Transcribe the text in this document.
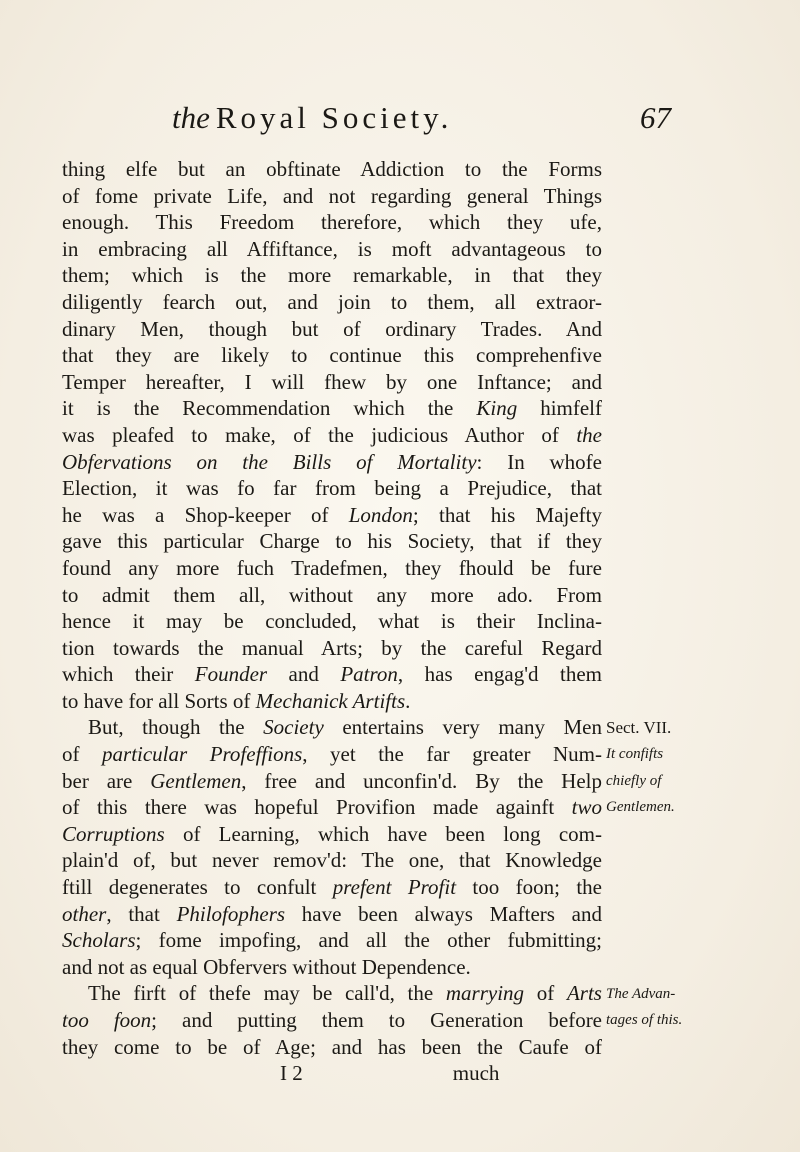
the Royal Society.	67
thing elfe but an obftinate Addiction to the Forms
of fome private Life, and not regarding general Things
enough. This Freedom therefore, which they ufe,
in embracing all Affiftance, is moft advantageous to
them; which is the more remarkable, in that they
diligently fearch out, and join to them, all extraor-
dinary Men, though but of ordinary Trades. And
that they are likely to continue this comprehenfive
Temper hereafter, I will fhew by one Inftance; and
it is the Recommendation which the King himfelf
was pleafed to make, of the judicious Author of the
Obfervations on the Bills of Mortality: In whofe
Election, it was fo far from being a Prejudice, that
he was a Shop-keeper of London; that his Majefty
gave this particular Charge to his Society, that if they
found any more fuch Tradefmen, they fhould be fure
to admit them all, without any more ado. From
hence it may be concluded, what is their Inclina-
tion towards the manual Arts; by the careful Regard
which their Founder and Patron, has engag'd them
to have for all Sorts of Mechanick Artifts.
But, though the Society entertains very many Men
of particular Profeffions, yet the far greater Num-
ber are Gentlemen, free and unconfin'd. By the Help
of this there was hopeful Provifion made againft two
Corruptions of Learning, which have been long com-
plain'd of, but never remov'd: The one, that Knowledge
ftill degenerates to confult prefent Profit too foon; the
other, that Philofophers have been always Mafters and
Scholars; fome impofing, and all the other fubmitting;
and not as equal Obfervers without Dependence.
The firft of thefe may be call'd, the marrying of Arts
too foon; and putting them to Generation before
they come to be of Age; and has been the Caufe of
I 2	much
Sect. VII.
It confifts
chiefly of
Gentlemen.
The Advan-
tages of this.
